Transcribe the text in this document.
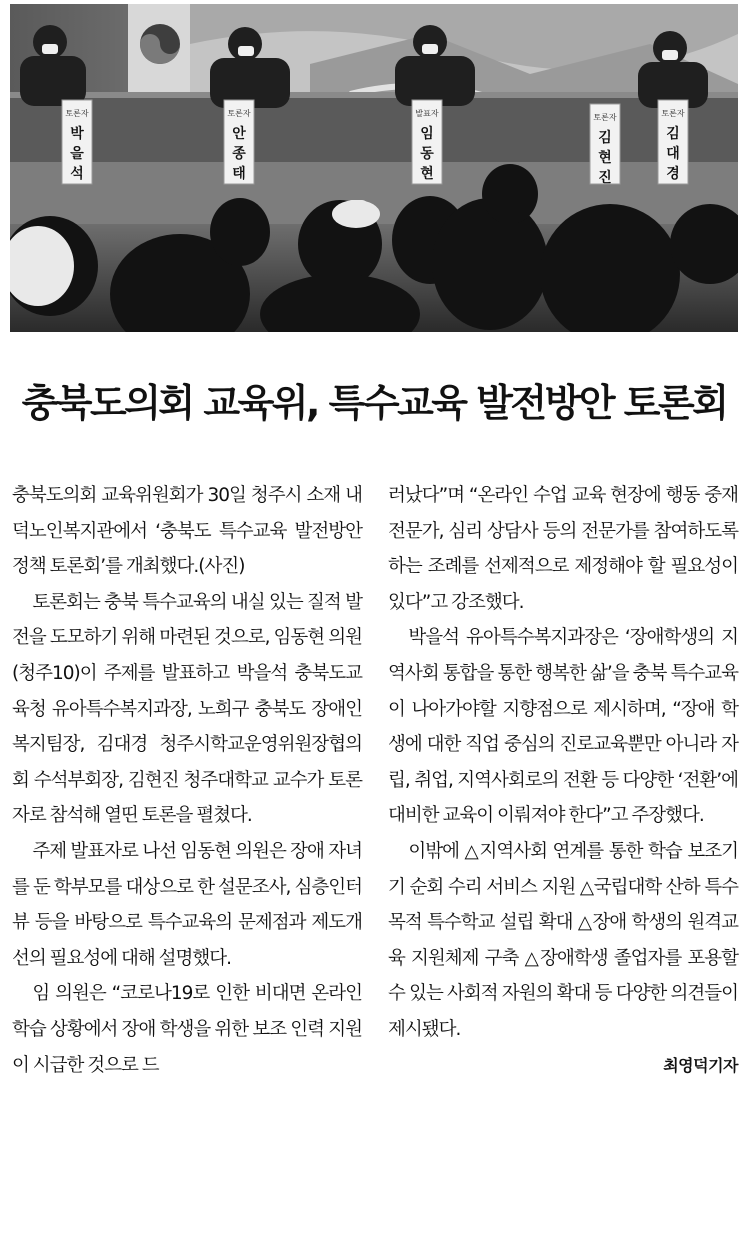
토론자
박
을
석
토론자
안
종
태
발표자
임
동
현
토론자
김
현
진
토론자
김
대
경
충북도의회 교육위, 특수교육 발전방안 토론회

충북도의회 교육위원회가 30일 청주시 소재 내덕노인복지관에서 ‘충북도 특수교육 발전방안 정책 토론회’를 개최했다.(사진)

토론회는 충북 특수교육의 내실 있는 질적 발전을 도모하기 위해 마련된 것으로, 임동현 의원(청주10)이 주제를 발표하고 박을석 충북도교육청 유아특수복지과장, 노희구 충북도 장애인복지팀장, 김대경 청주시학교운영위원장협의회 수석부회장, 김현진 청주대학교 교수가 토론자로 참석해 열띤 토론을 펼쳤다.

주제 발표자로 나선 임동현 의원은 장애 자녀를 둔 학부모를 대상으로 한 설문조사, 심층인터뷰 등을 바탕으로 특수교육의 문제점과 제도개선의 필요성에 대해 설명했다.

임 의원은 “코로나19로 인한 비대면 온라인 학습 상황에서 장애 학생을 위한 보조 인력 지원이 시급한 것으로 드

러났다”며 “온라인 수업 교육 현장에 행동 중재 전문가, 심리 상담사 등의 전문가를 참여하도록 하는 조례를 선제적으로 제정해야 할 필요성이 있다”고 강조했다.

박을석 유아특수복지과장은 ‘장애학생의 지역사회 통합을 통한 행복한 삶’을 충북 특수교육이 나아가야할 지향점으로 제시하며, “장애 학생에 대한 직업 중심의 진로교육뿐만 아니라 자립, 취업, 지역사회로의 전환 등 다양한 ‘전환’에 대비한 교육이 이뤄져야 한다”고 주장했다.

이밖에 △지역사회 연계를 통한 학습 보조기기 순회 수리 서비스 지원 △국립대학 산하 특수목적 특수학교 설립 확대 △장애 학생의 원격교육 지원체제 구축 △장애학생 졸업자를 포용할 수 있는 사회적 자원의 확대 등 다양한 의견들이 제시됐다.

최영덕기자
